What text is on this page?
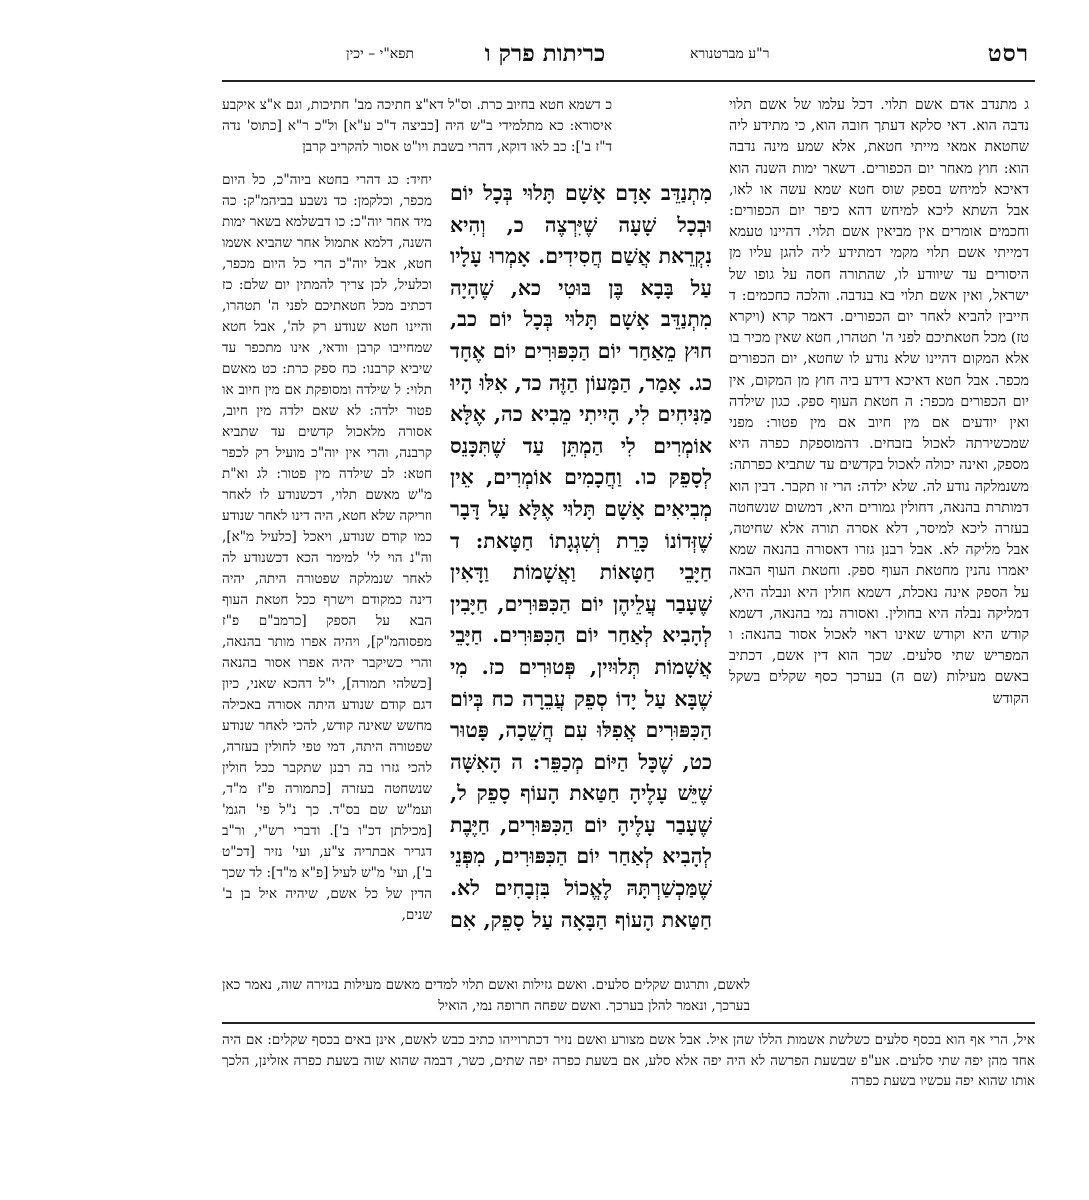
רסט
כריתות פרק ו
תפא"י – יכין	ר"ע מברטנורא

ג מתנדב אדם אשם תלוי. דכל עלמו של אשם תלוי נדבה הוא. דאי סלקא דעתך חובה הוא, כי מתידע ליה שחטאת אמאי מייתי חטאת, אלא שמע מינה נדבה הוא: חוץ מאחר יום הכפורים. דשאר ימות השנה הוא דאיכא למיחש בספק שוס חטא שמא עשה או לאו, אבל השתא ליכא למיחש דהא כיפר יום הכפורים: וחכמים אומרים אין מביאין אשם תלוי. דהיינו טעמא דמייתי אשם תלוי מקמי דמתידע ליה להגן עליו מן היסורים עד שיוודע לו, שהתורה חסה על גופו של ישראל, ואין אשם תלוי בא בנדבה. והלכה כחכמים: ד חייבין להביא לאחר יום הכפורים. דאמר קרא (ויקרא טז) מכל חטאתיכם לפני ה' תטהרו, חטא שאין מכיר בו אלא המקום דהיינו שלא נודע לו שחטא, יום הכפורים מכפר. אבל חטא דאיכא דידע ביה חוץ מן המקום, אין יום הכפורים מכפר: ה חטאת העוף ספק. כגון שילדה ואין יודעים אם מין חיוב אם מין פטור: מפני שמכשירתה לאכול בזבחים. דהמוספקת כפרה היא מספק, ואינה יכולה לאכול בקדשים עד שתביא כפרתה: משנמלקה נודע לה. שלא ילדה: הרי זו תקבר. דבין הוא דמותרת בהנאה, דחולין גמורים היא, דמשום שנשחטה בעזרה ליכא למיסר, דלא אסרה תורה אלא שחיטה, אבל מליקה לא. אבל רבנן גזרו דאסורה בהנאה שמא יאמרו נהנין מחטאת העוף ספק. וחטאת העוף הבאה על הספק אינה נאכלת, דשמא חולין היא ונבלה היא, דמליקה נבלה היא בחולין. ואסורה נמי בהנאה, דשמא קודש היא וקודש שאינו ראוי לאכול אסור בהנאה: ו המפריש שתי סלעים. שכך הוא דין אשם, דכתיב באשם מעילות (שם ה) בערכך כסף שקלים בשקל הקודש

כ דשמא חטא בחיוב כרת. וס"ל דא"צ חתיכה מב' חתיכות, וגם א"צ איקבע איסורא: כא מתלמידי ב"ש היה [כביצה ד"כ ע"א] ול"כ ר"א [כתוס' נדה ד"ז ב']: כב לאו דוקא, דהרי בשבת ויו"ט אסור להקריב קרבן

יחיד: כג דהרי בחטא ביוה"כ, כל היום מכפר, וכלקמן: כד נשבע בביהמ"ק: כה מיד אחר יוה"כ: כו דבשלמא בשאר ימות השנה, דלמא אתמול אחר שהביא אשמו חטא, אבל יוה"כ הרי כל היום מכפר, וכלעיל, לכן צריך להמתין יום שלם: כז דכתיב מכל חטאתיכם לפני ה' תטהרו, והיינו חטא שנודע רק לה', אבל חטא שמחייבו קרבן וודאי, אינו מתכפר עד שיביא קרבנו: כח ספק כרת: כט מאשם תלוי: ל שילדה ומסופקת אם מין חיוב או פטור ילדה: לא שאם ילדה מין חיוב, אסורה מלאכול קדשים עד שתביא קרבנה, והרי אין יוה"כ מועיל רק לכפר חטא: לב שילדה מין פטור: לג וא"ת מ"ש מאשם תלוי, דכשנודע לו לאחר וזריקה שלא חטא, היה דינו לאחר שנודע כמו קודם שנודע, ויאכל [כלעיל מ"א], וה"נ הוי לי' למימר הכא דכשנודע לה לאחר שנמלקה שפטורה היתה, יהיה דינה כמקודם וישרף ככל חטאת העוף הבא על הספק [כרמב"ם פ"ז מפסוהמ"ק], ויהיה אפרו מותר בהנאה, והרי כשיקבר יהיה אפרו אסור בהנאה [כשלהי תמורה], י"ל דהכא שאני, כיון דגם קודם שנודע היתה אסורה באכילה מחשש שאינה קודש, להכי לאחר שנודע שפטורה היתה, דמי טפי לחולין בעזרה, להכי גזרו בה רבנן שתקבר ככל חולין שנשחטה בעזרה [כתמורה פ"ז מ"ד, ועמ"ש שם בס"ד. כך נ"ל פי' הגמ' [מכילתן דכ"ו ב']. ודברי רש"י, ור"ב דגריר אבתריה צ"ע, ועי' נזיר [דכ"ט ב'], ועי' מ"ש לעיל [פ"א מ"ד]: לד שכך הדין של כל אשם, שיהיה איל בן ב' שנים,

מִתְנַדֵּב אָדָם אָשָׁם תָּלוּי בְּכָל יוֹם וּבְכָל שָׁעָה שֶׁיִּרְצֶה כ, וְהִיא נִקְרֵאת אֲשַׁם חֲסִידִים. אָמְרוּ עָלָיו עַל בָּבָא בֶּן בּוּטִי כא, שֶׁהָיָה מִתְנַדֵּב אָשָׁם תָּלוּי בְּכָל יוֹם כב, חוּץ מֵאַחַר יוֹם הַכִּפּוּרִים יוֹם אֶחָד כג. אָמַר, הַמָּעוֹן הַזֶּה כד, אִלּוּ הָיוּ מַנִּיחִים לִי, הָיִיתִי מֵבִיא כה, אֶלָּא אוֹמְרִים לִי הַמְתֵּן עַד שֶׁתִּכָּנֵס לְסָפֵק כו. וַחֲכָמִים אוֹמְרִים, אֵין מְבִיאִים אָשָׁם תָּלוּי אֶלָּא עַל דָּבָר שֶׁזְּדוֹנוֹ כָּרֵת וְשִׁגְגָתוֹ חַטָּאת: ד חַיָּבֵי חַטָּאוֹת וַאֲשָׁמוֹת וַדָּאִין שֶׁעָבַר עֲלֵיהֶן יוֹם הַכִּפּוּרִים, חַיָּבִין לְהָבִיא לְאַחַר יוֹם הַכִּפּוּרִים. חַיָּבֵי אֲשָׁמוֹת תְּלוּיִין, פְּטוּרִים כז. מִי שֶׁבָּא עַל יָדוֹ סְפֵק עֲבֵרָה כח בְּיוֹם הַכִּפּוּרִים אֲפִלּוּ עִם חֲשֵׁכָה, פָּטוּר כט, שֶׁכָּל הַיּוֹם מְכַפֵּר: ה הָאִשָּׁה שֶׁיֵּשׁ עָלֶיהָ חַטַּאת הָעוֹף סָפֵק ל, שֶׁעָבַר עָלֶיהָ יוֹם הַכִּפּוּרִים, חַיֶּבֶת לְהָבִיא לְאַחַר יוֹם הַכִּפּוּרִים, מִפְּנֵי שֶׁמַּכְשַׁרְתָּהּ לֶאֱכוֹל בִּזְבָחִים לא. חַטַּאת הָעוֹף הַבָּאָה עַל סָפֵק, אִם

לאשם, ותרגום שקלים סלעים. ואשם גזילות ואשם תלוי למדים מאשם מעילות בגזירה שוה, נאמר כאן בערכך, ונאמר להלן בערכך. ואשם שפחה חרופה נמי, הואיל

איל, הרי אף הוא בכסף סלעים כשלשת אשמות הללו שהן איל. אבל אשם מצורע ואשם נזיר דכתרוייהו כתיב כבש לאשם, אינן באים בכסף שקלים: אם היה אחד מהן יפה שתי סלעים. אע"פ שבשעת הפרשה לא היה יפה אלא סלע, אם בשעת כפרה יפה שתים, כשר, דבמה שהוא שוה בשעת כפרה אזלינן, הלכך אותו שהוא יפה עכשיו בשעת כפרה
